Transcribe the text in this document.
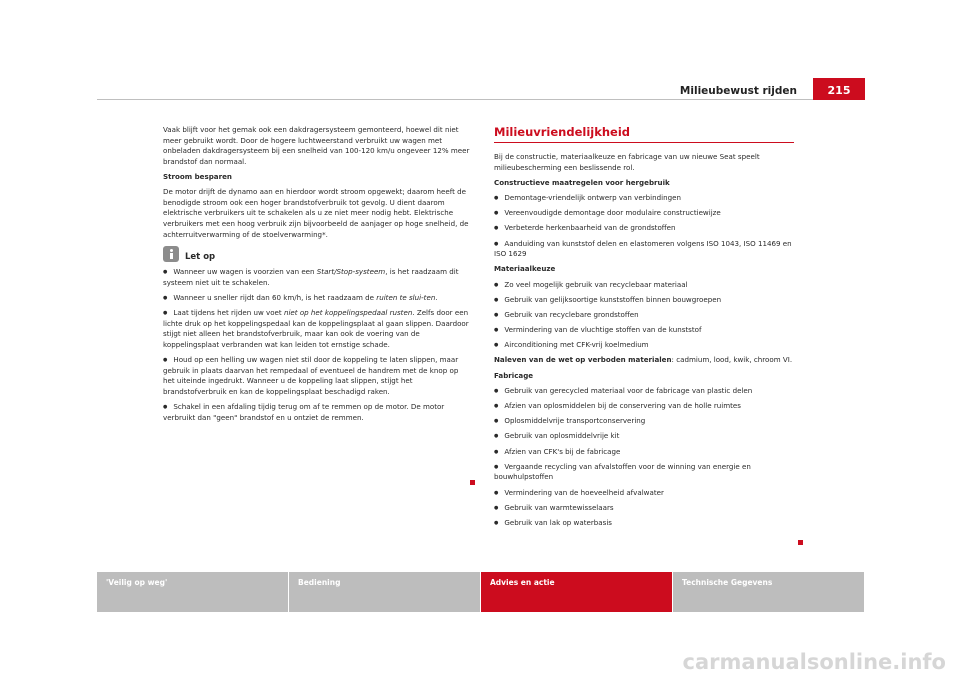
Milieubewust rijden	215

Vaak blijft voor het gemak ook een dakdragersysteem gemonteerd, hoewel dit niet meer gebruikt wordt. Door de hogere luchtweerstand verbruikt uw wagen met onbeladen dakdragersysteem bij een snelheid van 100-120 km/u ongeveer 12% meer brandstof dan normaal.

Stroom besparen

De motor drijft de dynamo aan en hierdoor wordt stroom opgewekt; daarom heeft de benodigde stroom ook een hoger brandstofverbruik tot gevolg. U dient daarom elektrische verbruikers uit te schakelen als u ze niet meer nodig hebt. Elektrische verbruikers met een hoog verbruik zijn bijvoorbeeld de aanjager op hoge snelheid, de achterruitverwarming of de stoelverwarming*.

Let op

● Wanneer uw wagen is voorzien van een Start/Stop-systeem, is het raadzaam dit systeem niet uit te schakelen.

● Wanneer u sneller rijdt dan 60 km/h, is het raadzaam de ruiten te slui-ten.

● Laat tijdens het rijden uw voet niet op het koppelingspedaal rusten. Zelfs door een lichte druk op het koppelingspedaal kan de koppelingsplaat al gaan slippen. Daardoor stijgt niet alleen het brandstofverbruik, maar kan ook de voering van de koppelingsplaat verbranden wat kan leiden tot ernstige schade.

● Houd op een helling uw wagen niet stil door de koppeling te laten slippen, maar gebruik in plaats daarvan het rempedaal of eventueel de handrem met de knop op het uiteinde ingedrukt. Wanneer u de koppeling laat slippen, stijgt het brandstofverbruik en kan de koppelingsplaat beschadigd raken.

● Schakel in een afdaling tijdig terug om af te remmen op de motor. De motor verbruikt dan "geen" brandstof en u ontziet de remmen.

Milieuvriendelijkheid

Bij de constructie, materiaalkeuze en fabricage van uw nieuwe Seat speelt milieubescherming een beslissende rol.

Constructieve maatregelen voor hergebruik

● Demontage-vriendelijk ontwerp van verbindingen

● Vereenvoudigde demontage door modulaire constructiewijze

● Verbeterde herkenbaarheid van de grondstoffen

● Aanduiding van kunststof delen en elastomeren volgens ISO 1043, ISO 11469 en ISO 1629

Materiaalkeuze

● Zo veel mogelijk gebruik van recyclebaar materiaal

● Gebruik van gelijksoortige kunststoffen binnen bouwgroepen

● Gebruik van recyclebare grondstoffen

● Vermindering van de vluchtige stoffen van de kunststof

● Airconditioning met CFK-vrij koelmedium

Naleven van de wet op verboden materialen: cadmium, lood, kwik, chroom VI.

Fabricage

● Gebruik van gerecycled materiaal voor de fabricage van plastic delen

● Afzien van oplosmiddelen bij de conservering van de holle ruimtes

● Oplosmiddelvrije transportconservering

● Gebruik van oplosmiddelvrije kit

● Afzien van CFK's bij de fabricage

● Vergaande recycling van afvalstoffen voor de winning van energie en bouwhulpstoffen

● Vermindering van de hoeveelheid afvalwater

● Gebruik van warmtewisselaars

● Gebruik van lak op waterbasis

'Veilig op weg'	Bediening	Advies en actie	Technische Gegevens
carmanualsonline.info
